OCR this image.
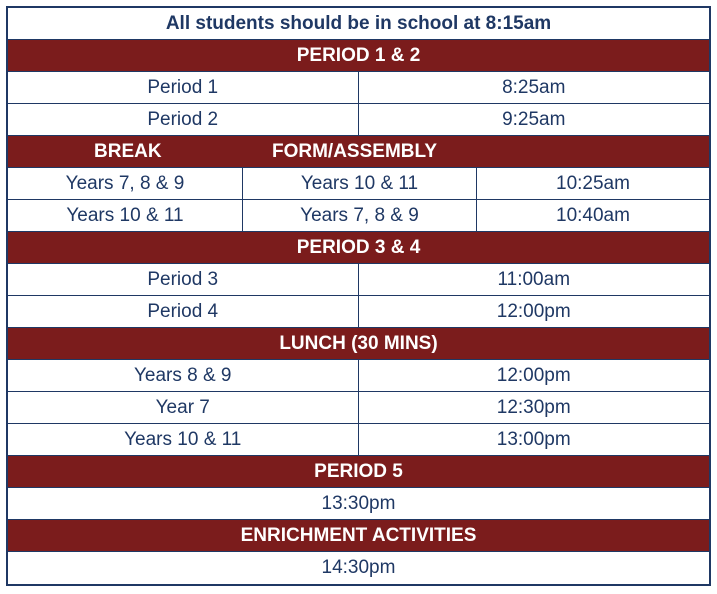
All students should be in school at 8:15am
PERIOD 1 & 2
Period 1	8:25am
Period 2	9:25am
BREAK	FORM/ASSEMBLY
Years 7, 8 & 9	Years 10 & 11	10:25am
Years 10 & 11	Years 7, 8 & 9	10:40am
PERIOD 3 & 4
Period 3	11:00am
Period 4	12:00pm
LUNCH (30 MINS)
Years 8 & 9	12:00pm
Year 7	12:30pm
Years 10 & 11	13:00pm
PERIOD 5
13:30pm
ENRICHMENT ACTIVITIES
14:30pm
